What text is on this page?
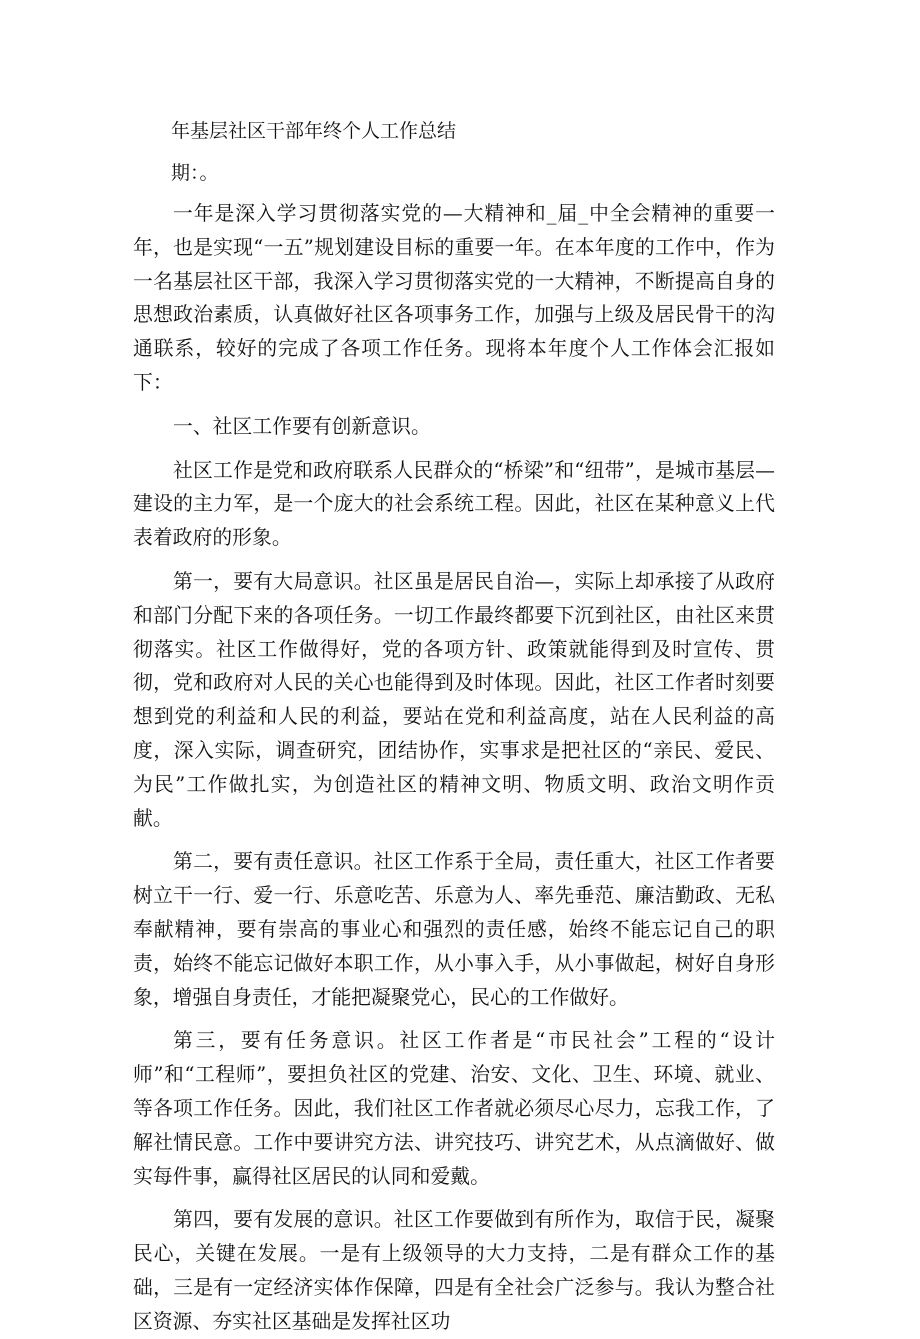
年基层社区干部年终个人工作总结

期：。

一年是深入学习贯彻落实党的—大精神和_届_中全会精神的重要一年，也是实现“一五”规划建设目标的重要一年。在本年度的工作中，作为一名基层社区干部，我深入学习贯彻落实党的一大精神，不断提高自身的思想政治素质，认真做好社区各项事务工作，加强与上级及居民骨干的沟通联系，较好的完成了各项工作任务。现将本年度个人工作体会汇报如下：

一、社区工作要有创新意识。

社区工作是党和政府联系人民群众的“桥梁”和“纽带”，是城市基层—建设的主力军，是一个庞大的社会系统工程。因此，社区在某种意义上代表着政府的形象。

第一，要有大局意识。社区虽是居民自治—，实际上却承接了从政府和部门分配下来的各项任务。一切工作最终都要下沉到社区，由社区来贯彻落实。社区工作做得好，党的各项方针、政策就能得到及时宣传、贯彻，党和政府对人民的关心也能得到及时体现。因此，社区工作者时刻要想到党的利益和人民的利益，要站在党和利益高度，站在人民利益的高度，深入实际，调查研究，团结协作，实事求是把社区的“亲民、爱民、为民”工作做扎实，为创造社区的精神文明、物质文明、政治文明作贡献。

第二，要有责任意识。社区工作系于全局，责任重大，社区工作者要树立干一行、爱一行、乐意吃苦、乐意为人、率先垂范、廉洁勤政、无私奉献精神，要有崇高的事业心和强烈的责任感，始终不能忘记自己的职责，始终不能忘记做好本职工作，从小事入手，从小事做起，树好自身形象，增强自身责任，才能把凝聚党心，民心的工作做好。

第三，要有任务意识。社区工作者是“市民社会”工程的“设计师”和“工程师”，要担负社区的党建、治安、文化、卫生、环境、就业、等各项工作任务。因此，我们社区工作者就必须尽心尽力，忘我工作，了解社情民意。工作中要讲究方法、讲究技巧、讲究艺术，从点滴做好、做实每件事，赢得社区居民的认同和爱戴。

第四，要有发展的意识。社区工作要做到有所作为，取信于民，凝聚民心，关键在发展。一是有上级领导的大力支持，二是有群众工作的基础，三是有一定经济实体作保障，四是有全社会广泛参与。我认为整合社区资源、夯实社区基础是发挥社区功
